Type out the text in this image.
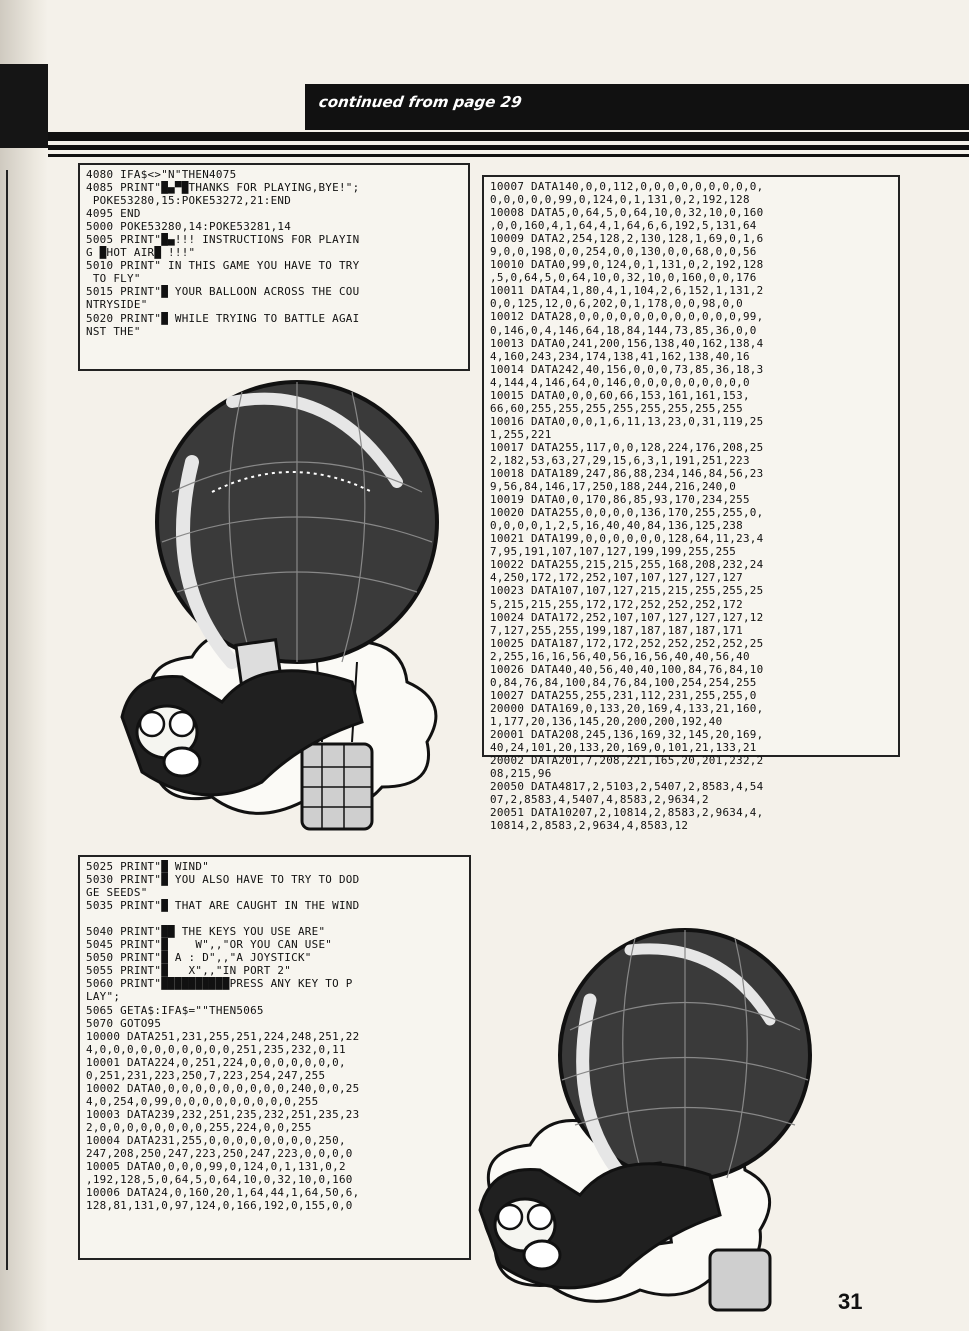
continued from page 29
4080 IFA$<>"N"THEN4075
4085 PRINT"█▄▀█THANKS FOR PLAYING,BYE!";
POKE53280,15:POKE53272,21:END
4095 END
5000 POKE53280,14:POKE53281,14
5005 PRINT"█▄!!! INSTRUCTIONS FOR PLAYIN
G █HOT AIR█ !!!"
5010 PRINT" IN THIS GAME YOU HAVE TO TRY
TO FLY"
5015 PRINT"█ YOUR BALLOON ACROSS THE COU
NTRYSIDE"
5020 PRINT"█ WHILE TRYING TO BATTLE AGAI
NST THE"
10007 DATA140,0,0,112,0,0,0,0,0,0,0,0,0,
0,0,0,0,0,99,0,124,0,1,131,0,2,192,128
10008 DATA5,0,64,5,0,64,10,0,32,10,0,160
,0,0,160,4,1,64,4,1,64,6,6,192,5,131,64
10009 DATA2,254,128,2,130,128,1,69,0,1,6
9,0,0,198,0,0,254,0,0,130,0,0,68,0,0,56
10010 DATA0,99,0,124,0,1,131,0,2,192,128
,5,0,64,5,0,64,10,0,32,10,0,160,0,0,176
10011 DATA4,1,80,4,1,104,2,6,152,1,131,2
0,0,125,12,0,6,202,0,1,178,0,0,98,0,0
10012 DATA28,0,0,0,0,0,0,0,0,0,0,0,0,99,
0,146,0,4,146,64,18,84,144,73,85,36,0,0
10013 DATA0,241,200,156,138,40,162,138,4
4,160,243,234,174,138,41,162,138,40,16
10014 DATA242,40,156,0,0,0,73,85,36,18,3
4,144,4,146,64,0,146,0,0,0,0,0,0,0,0,0
10015 DATA0,0,0,60,66,153,161,161,153,
66,60,255,255,255,255,255,255,255,255
10016 DATA0,0,0,1,6,11,13,23,0,31,119,25
1,255,221
10017 DATA255,117,0,0,128,224,176,208,25
2,182,53,63,27,29,15,6,3,1,191,251,223
10018 DATA189,247,86,88,234,146,84,56,23
9,56,84,146,17,250,188,244,216,240,0
10019 DATA0,0,170,86,85,93,170,234,255
10020 DATA255,0,0,0,0,136,170,255,255,0,
0,0,0,0,1,2,5,16,40,40,84,136,125,238
10021 DATA199,0,0,0,0,0,0,128,64,11,23,4
7,95,191,107,107,127,199,199,255,255
10022 DATA255,215,215,255,168,208,232,24
4,250,172,172,252,107,107,127,127,127
10023 DATA107,107,127,215,215,255,255,25
5,215,215,255,172,172,252,252,252,172
10024 DATA172,252,107,107,127,127,127,12
7,127,255,255,199,187,187,187,187,171
10025 DATA187,172,172,252,252,252,252,25
2,255,16,16,56,40,56,16,56,40,40,56,40
10026 DATA40,40,56,40,40,100,84,76,84,10
0,84,76,84,100,84,76,84,100,254,254,255
10027 DATA255,255,231,112,231,255,255,0
20000 DATA169,0,133,20,169,4,133,21,160,
1,177,20,136,145,20,200,200,192,40
20001 DATA208,245,136,169,32,145,20,169,
40,24,101,20,133,20,169,0,101,21,133,21
20002 DATA201,7,208,221,165,20,201,232,2
08,215,96
20050 DATA4817,2,5103,2,5407,2,8583,4,54
07,2,8583,4,5407,4,8583,2,9634,2
20051 DATA10207,2,10814,2,8583,2,9634,4,
10814,2,8583,2,9634,4,8583,12
5025 PRINT"█ WIND"
5030 PRINT"█ YOU ALSO HAVE TO TRY TO DOD
GE SEEDS"
5035 PRINT"█ THAT ARE CAUGHT IN THE WIND

5040 PRINT"██ THE KEYS YOU USE ARE"
5045 PRINT"█    W",,"OR YOU CAN USE"
5050 PRINT"█ A : D",,"A JOYSTICK"
5055 PRINT"█   X",,"IN PORT 2"
5060 PRINT"██████████PRESS ANY KEY TO P
LAY";
5065 GETA$:IFA$=""THEN5065
5070 GOTO95
10000 DATA251,231,255,251,224,248,251,22
4,0,0,0,0,0,0,0,0,0,0,251,235,232,0,11
10001 DATA224,0,251,224,0,0,0,0,0,0,0,
0,251,231,223,250,7,223,254,247,255
10002 DATA0,0,0,0,0,0,0,0,0,0,240,0,0,25
4,0,254,0,99,0,0,0,0,0,0,0,0,0,255
10003 DATA239,232,251,235,232,251,235,23
2,0,0,0,0,0,0,0,0,255,224,0,0,255
10004 DATA231,255,0,0,0,0,0,0,0,0,250,
247,208,250,247,223,250,247,223,0,0,0,0
10005 DATA0,0,0,0,99,0,124,0,1,131,0,2
,192,128,5,0,64,5,0,64,10,0,32,10,0,160
10006 DATA24,0,160,20,1,64,44,1,64,50,6,
128,81,131,0,97,124,0,166,192,0,155,0,0
31
